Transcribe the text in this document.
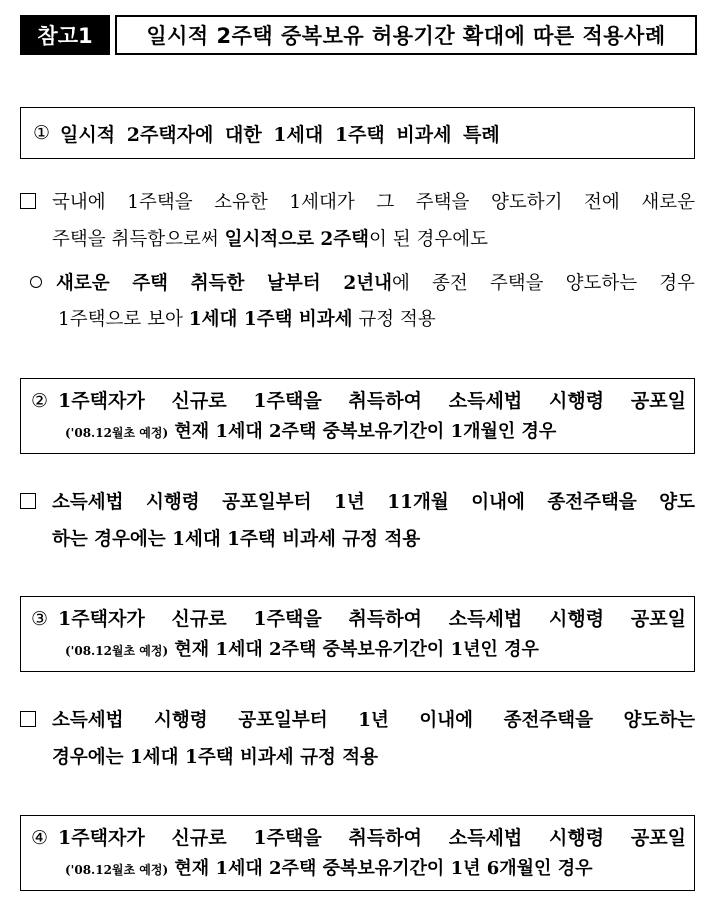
참고1	일시적 2주택 중복보유 허용기간 확대에 따른 적용사례
① 일시적 2주택자에 대한 1세대 1주택 비과세 특례
국내에 1주택을 소유한 1세대가 그 주택을 양도하기 전에 새로운
주택을 취득함으로써 일시적으로 2주택이 된 경우에도
새로운 주택 취득한 날부터 2년내에 종전 주택을 양도하는 경우
1주택으로 보아 1세대 1주택 비과세 규정 적용
② 1주택자가 신규로 1주택을 취득하여 소득세법 시행령 공포일
('08.12월초 예정) 현재 1세대 2주택 중복보유기간이 1개월인 경우
소득세법 시행령 공포일부터 1년 11개월 이내에 종전주택을 양도
하는 경우에는 1세대 1주택 비과세 규정 적용
③ 1주택자가 신규로 1주택을 취득하여 소득세법 시행령 공포일
('08.12월초 예정) 현재 1세대 2주택 중복보유기간이 1년인 경우
소득세법 시행령 공포일부터 1년 이내에 종전주택을 양도하는
경우에는 1세대 1주택 비과세 규정 적용
④ 1주택자가 신규로 1주택을 취득하여 소득세법 시행령 공포일
('08.12월초 예정) 현재 1세대 2주택 중복보유기간이 1년 6개월인 경우
